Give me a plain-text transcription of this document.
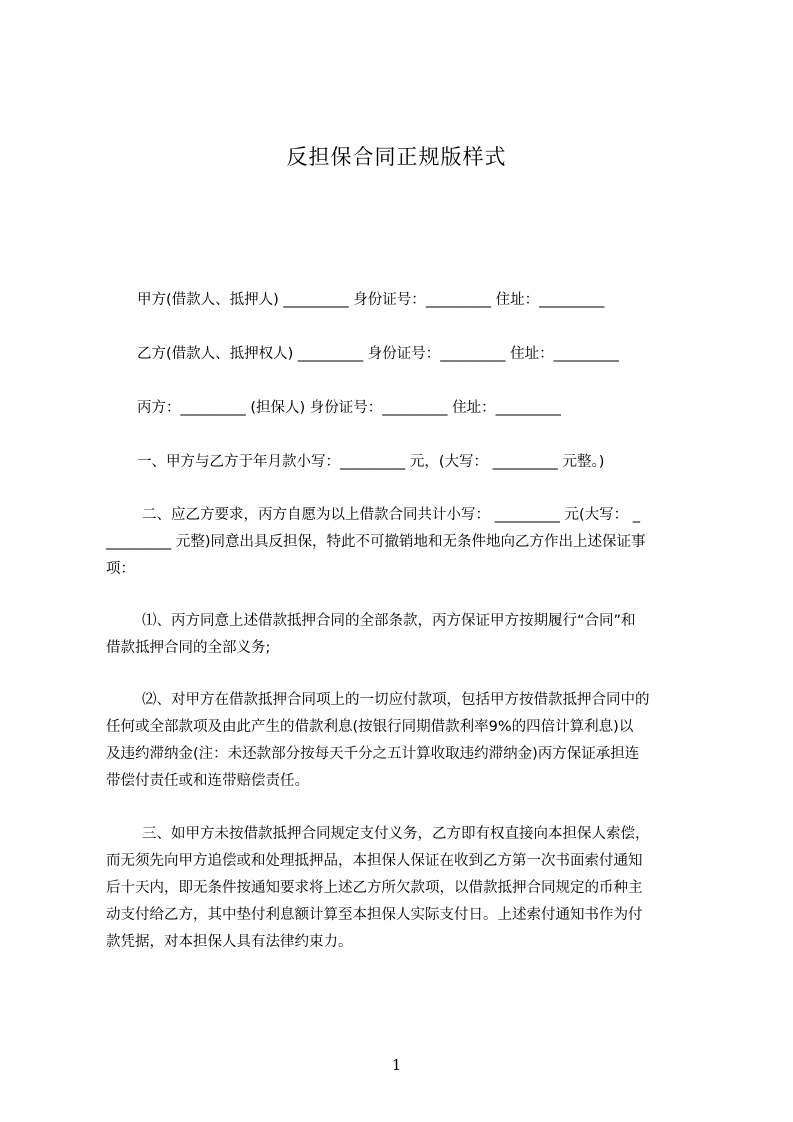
反担保合同正规版样式
甲方(借款人、抵押人) _________ 身份证号：_________ 住址：_________
乙方(借款人、抵押权人) _________ 身份证号：_________ 住址：_________
丙方：_________ (担保人) 身份证号：_________ 住址：_________
一、甲方与乙方于年月款小写：_________ 元，(大写： _________ 元整。)
二、应乙方要求，丙方自愿为以上借款合同共计小写： _________ 元(大写： _
_________ 元整)同意出具反担保，特此不可撤销地和无条件地向乙方作出上述保证事
项：
⑴、丙方同意上述借款抵押合同的全部条款，丙方保证甲方按期履行“合同”和
借款抵押合同的全部义务;
⑵、对甲方在借款抵押合同项上的一切应付款项，包括甲方按借款抵押合同中的
任何或全部款项及由此产生的借款利息(按银行同期借款利率9%的四倍计算利息)以
及违约滞纳金(注：未还款部分按每天千分之五计算收取违约滞纳金)丙方保证承担连
带偿付责任或和连带赔偿责任。
三、如甲方未按借款抵押合同规定支付义务，乙方即有权直接向本担保人索偿，
而无须先向甲方追偿或和处理抵押品，本担保人保证在收到乙方第一次书面索付通知
后十天内，即无条件按通知要求将上述乙方所欠款项，以借款抵押合同规定的币种主
动支付给乙方，其中垫付利息额计算至本担保人实际支付日。上述索付通知书作为付
款凭据，对本担保人具有法律约束力。
1
